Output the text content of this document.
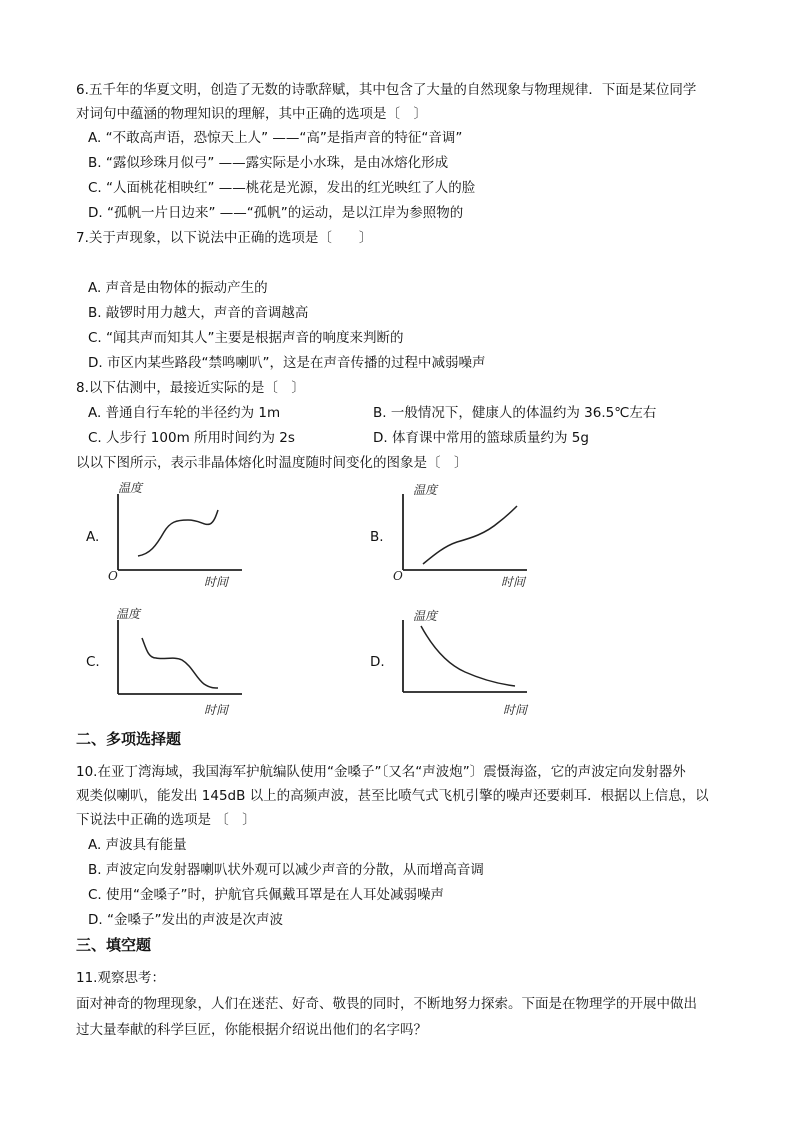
6.五千年的华夏文明，创造了无数的诗歌辞赋，其中包含了大量的自然现象与物理规律．下面是某位同学
对词句中蕴涵的物理知识的理解，其中正确的选项是〔　〕
A. “不敢高声语，恐惊天上人” ——“高”是指声音的特征“音调”
B. “露似珍珠月似弓” ——露实际是小水珠，是由冰熔化形成
C. “人面桃花相映红” ——桃花是光源，发出的红光映红了人的脸
D. “孤帆一片日边来” ——“孤帆”的运动，是以江岸为参照物的
7.关于声现象，以下说法中正确的选项是〔　　〕
A. 声音是由物体的振动产生的
B. 敲锣时用力越大，声音的音调越高
C. “闻其声而知其人”主要是根据声音的响度来判断的
D. 市区内某些路段“禁鸣喇叭”，这是在声音传播的过程中减弱噪声
8.以下估测中，最接近实际的是〔　〕
A. 普通自行车轮的半径约为 1m	B. 一般情况下，健康人的体温约为 36.5℃左右
C. 人步行 100m 所用时间约为 2s	D. 体育课中常用的篮球质量约为 5g
以以下图所示，表示非晶体熔化时温度随时间变化的图象是〔　〕
A.	B.
C.	D.
温度
时间
O
温度
时间
O
温度
时间
温度
时间
二、多项选择题
10.在亚丁湾海域，我国海军护航编队使用“金嗓子”〔又名“声波炮”〕震慑海盗，它的声波定向发射器外
观类似喇叭，能发出 145dB 以上的高频声波，甚至比喷气式飞机引擎的噪声还要刺耳．根据以上信息，以
下说法中正确的选项是 〔　〕
A. 声波具有能量
B. 声波定向发射器喇叭状外观可以减少声音的分散，从而增高音调
C. 使用“金嗓子”时，护航官兵佩戴耳罩是在人耳处减弱噪声
D. “金嗓子”发出的声波是次声波
三、填空题
11.观察思考：
面对神奇的物理现象，人们在迷茫、好奇、敬畏的同时，不断地努力探索。下面是在物理学的开展中做出
过大量奉献的科学巨匠，你能根据介绍说出他们的名字吗？
